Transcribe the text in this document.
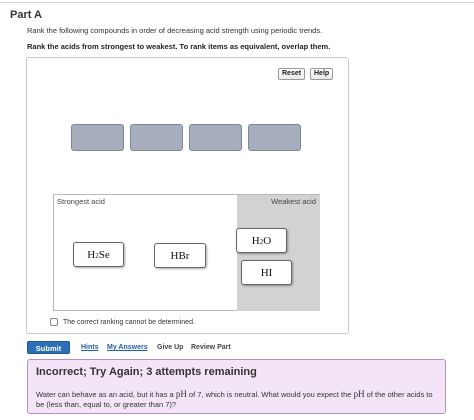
Part A
Rank the following compounds in order of decreasing acid strength using periodic trends.
Rank the acids from strongest to weakest. To rank items as equivalent, overlap them.
Reset	Help
Strongest acid	Weakest acid
$H_2$ Se	HBr
$H_2$ O
HI
The correct ranking cannot be determined.
Submit	Hints My Answers Give Up Review Part
Incorrect; Try Again; 3 attempts remaining
Water can behave as an acid, but it has a pH of 7, which is neutral. What would you expect the pH of the other acids to be (less than, equal to, or greater than 7)?
